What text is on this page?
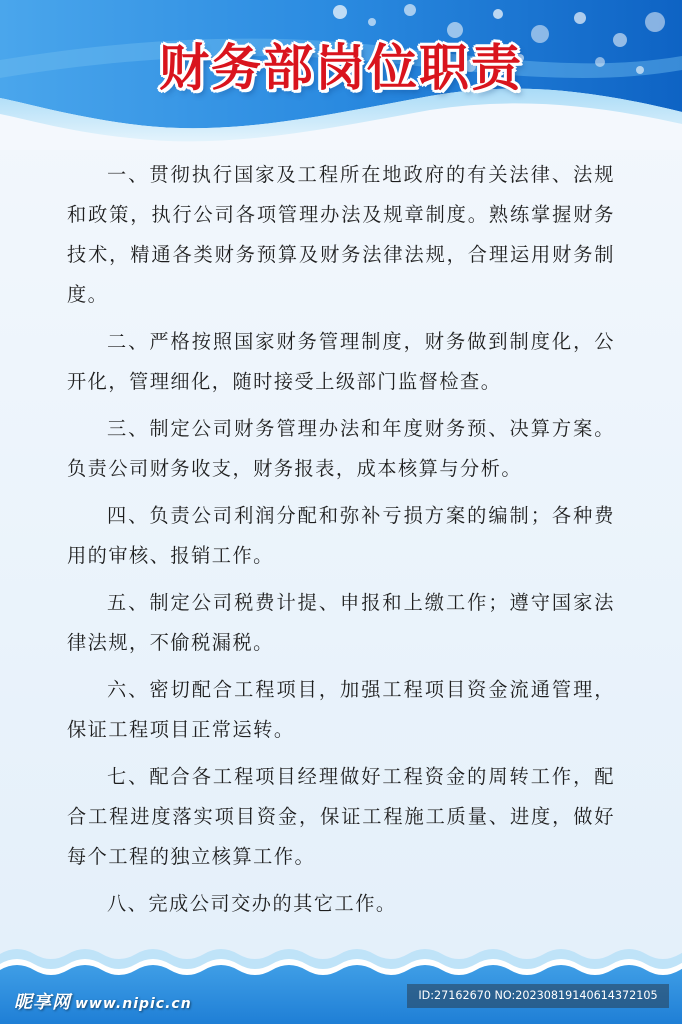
财务部岗位职责

一、贯彻执行国家及工程所在地政府的有关法律、法规和政策，执行公司各项管理办法及规章制度。熟练掌握财务技术，精通各类财务预算及财务法律法规，合理运用财务制度。

二、严格按照国家财务管理制度，财务做到制度化，公开化，管理细化，随时接受上级部门监督检查。

三、制定公司财务管理办法和年度财务预、决算方案。负责公司财务收支，财务报表，成本核算与分析。

四、负责公司利润分配和弥补亏损方案的编制；各种费用的审核、报销工作。

五、制定公司税费计提、申报和上缴工作；遵守国家法律法规，不偷税漏税。

六、密切配合工程项目，加强工程项目资金流通管理，保证工程项目正常运转。

七、配合各工程项目经理做好工程资金的周转工作，配合工程进度落实项目资金，保证工程施工质量、进度，做好每个工程的独立核算工作。

八、完成公司交办的其它工作。

昵享网 www.nipic.cn
ID:27162670 NO:20230819140614372105
